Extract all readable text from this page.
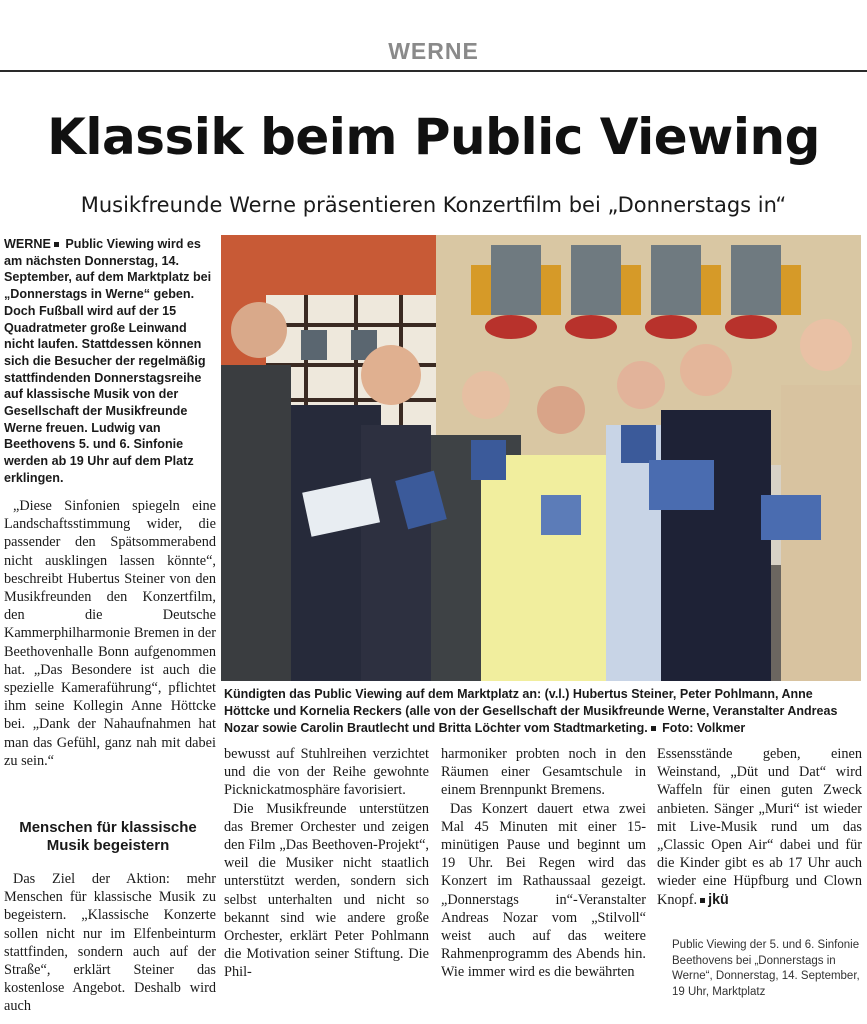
WERNE
Klassik beim Public Viewing
Musikfreunde Werne präsentieren Konzertfilm bei „Donnerstags in“
WERNE Public Viewing wird es am nächsten Donnerstag, 14. September, auf dem Marktplatz bei „Donnerstags in Werne“ geben. Doch Fußball wird auf der 15 Quadratmeter große Leinwand nicht laufen. Stattdessen können sich die Besucher der regelmäßig stattfindenden Donnerstagsreihe auf klassische Musik von der Gesellschaft der Musikfreunde Werne freuen. Ludwig van Beethovens 5. und 6. Sinfonie werden ab 19 Uhr auf dem Platz erklingen.

„Diese Sinfonien spiegeln eine Landschaftsstimmung wider, die passender den Spätsommerabend nicht ausklingen lassen könnte“, beschreibt Hubertus Steiner von den Musikfreunden den Konzertfilm, den die Deutsche Kammerphilharmonie Bremen in der Beethovenhalle Bonn aufgenommen hat. „Das Besondere ist auch die spezielle Kameraführung“, pflichtet ihm seine Kollegin Anne Höttcke bei. „Dank der Nahaufnahmen hat man das Gefühl, ganz nah mit dabei zu sein.“

Menschen für klassische Musik begeistern

Das Ziel der Aktion: mehr Menschen für klassische Musik zu begeistern. „Klassische Konzerte sollen nicht nur im Elfenbeinturm stattfinden, sondern auch auf der Straße“, erklärt Steiner das kostenlose Angebot. Deshalb wird auch

Kündigten das Public Viewing auf dem Marktplatz an: (v.l.) Hubertus Steiner, Peter Pohlmann, Anne Höttcke und Kornelia Reckers (alle von der Gesellschaft der Musikfreunde Werne, Veranstalter Andreas Nozar sowie Carolin Brautlecht und Britta Löchter vom Stadtmarketing. Foto: Volkmer

bewusst auf Stuhlreihen verzichtet und die von der Reihe gewohnte Picknickatmosphäre favorisiert.

Die Musikfreunde unterstützen das Bremer Orchester und zeigen den Film „Das Beethoven-Projekt“, weil die Musiker nicht staatlich unterstützt werden, sondern sich selbst unterhalten und nicht so bekannt sind wie andere große Orchester, erklärt Peter Pohlmann die Motivation seiner Stiftung. Die Phil-

harmoniker probten noch in den Räumen einer Gesamtschule in einem Brennpunkt Bremens.

Das Konzert dauert etwa zwei Mal 45 Minuten mit einer 15-minütigen Pause und beginnt um 19 Uhr. Bei Regen wird das Konzert im Rathaussaal gezeigt. „Donnerstags in“-Veranstalter Andreas Nozar vom „Stilvoll“ weist auch auf das weitere Rahmenprogramm des Abends hin. Wie immer wird es die bewährten

Essensstände geben, einen Weinstand, „Düt und Dat“ wird Waffeln für einen guten Zweck anbieten. Sänger „Muri“ ist wieder mit Live-Musik rund um das „Classic Open Air“ dabei und für die Kinder gibt es ab 17 Uhr auch wieder eine Hüpfburg und Clown Knopf. jkü

Public Viewing der 5. und 6. Sinfonie Beethovens bei „Donnerstags in Werne“, Donnerstag, 14. September, 19 Uhr, Marktplatz
